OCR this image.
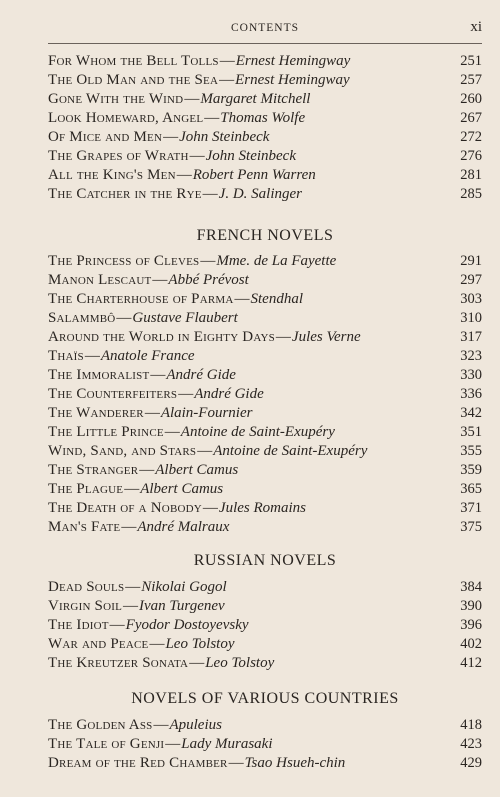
CONTENTS	xi
For Whom the Bell Tolls—Ernest Hemingway	251
The Old Man and the Sea—Ernest Hemingway	257
Gone With the Wind—Margaret Mitchell	260
Look Homeward, Angel—Thomas Wolfe	267
Of Mice and Men—John Steinbeck	272
The Grapes of Wrath—John Steinbeck	276
All the King's Men—Robert Penn Warren	281
The Catcher in the Rye—J. D. Salinger	285
FRENCH NOVELS
The Princess of Cleves—Mme. de La Fayette	291
Manon Lescaut—Abbé Prévost	297
The Charterhouse of Parma—Stendhal	303
Salammbô—Gustave Flaubert	310
Around the World in Eighty Days—Jules Verne	317
Thaïs—Anatole France	323
The Immoralist—André Gide	330
The Counterfeiters—André Gide	336
The Wanderer—Alain-Fournier	342
The Little Prince—Antoine de Saint-Exupéry	351
Wind, Sand, and Stars—Antoine de Saint-Exupéry	355
The Stranger—Albert Camus	359
The Plague—Albert Camus	365
The Death of a Nobody—Jules Romains	371
Man's Fate—André Malraux	375
RUSSIAN NOVELS
Dead Souls—Nikolai Gogol	384
Virgin Soil—Ivan Turgenev	390
The Idiot—Fyodor Dostoyevsky	396
War and Peace—Leo Tolstoy	402
The Kreutzer Sonata—Leo Tolstoy	412
NOVELS OF VARIOUS COUNTRIES
The Golden Ass—Apuleius	418
The Tale of Genji—Lady Murasaki	423
Dream of the Red Chamber—Tsao Hsueh-chin	429
